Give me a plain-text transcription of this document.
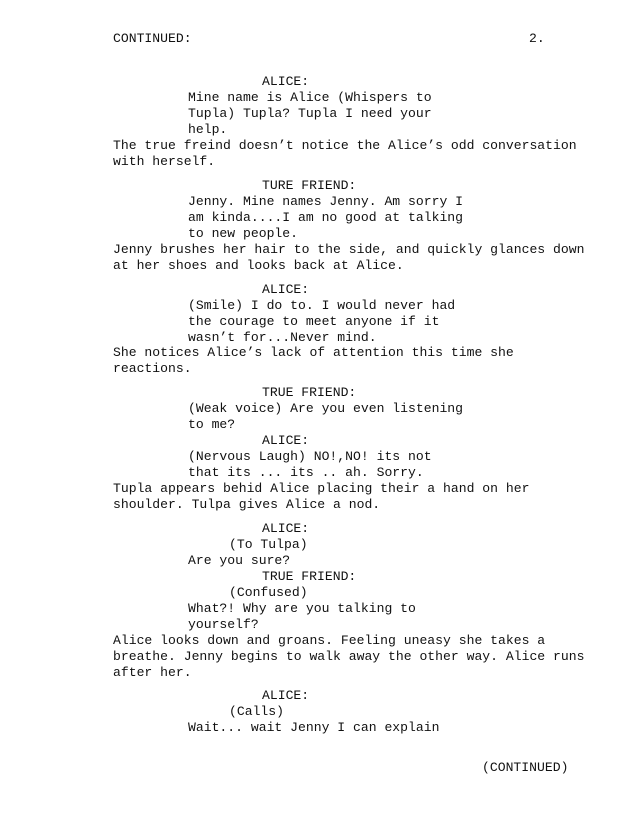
CONTINUED:	2.
ALICE:
Mine name is Alice (Whispers to
Tupla) Tupla? Tupla I need your
help.
The true freind doesn’t notice the Alice’s odd conversation
with herself.
TURE FRIEND:
Jenny. Mine names Jenny. Am sorry I
am kinda....I am no good at talking
to new people.
Jenny brushes her hair to the side, and quickly glances down
at her shoes and looks back at Alice.
ALICE:
(Smile) I do to. I would never had
the courage to meet anyone if it
wasn’t for...Never mind.
She notices Alice’s lack of attention this time she
reactions.
TRUE FRIEND:
(Weak voice) Are you even listening
to me?
ALICE:
(Nervous Laugh) NO!,NO! its not
that its ... its .. ah. Sorry.
Tupla appears behid Alice placing their a hand on her
shoulder. Tulpa gives Alice a nod.
ALICE:
(To Tulpa)
Are you sure?
TRUE FRIEND:
(Confused)
What?! Why are you talking to
yourself?
Alice looks down and groans. Feeling uneasy she takes a
breathe. Jenny begins to walk away the other way. Alice runs
after her.
ALICE:
(Calls)
Wait... wait Jenny I can explain
(CONTINUED)
